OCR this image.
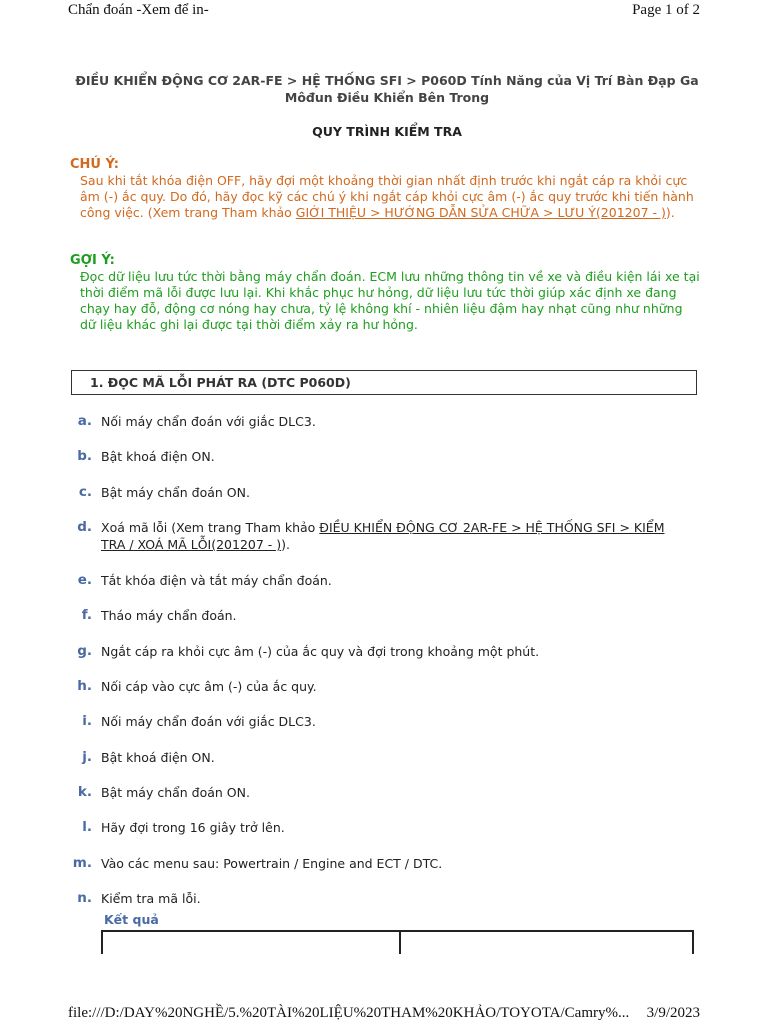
Chẩn đoán -Xem để in-	Page 1 of 2
ĐIỀU KHIỂN ĐỘNG CƠ 2AR-FE > HỆ THỐNG SFI > P060D Tính Năng của Vị Trí Bàn Đạp Ga Môđun Điều Khiển Bên Trong
QUY TRÌNH KIỂM TRA
CHÚ Ý:
Sau khi tắt khóa điện OFF, hãy đợi một khoảng thời gian nhất định trước khi ngắt cáp ra khỏi cực âm (-) ắc quy. Do đó, hãy đọc kỹ các chú ý khi ngắt cáp khỏi cực âm (-) ắc quy trước khi tiến hành công việc. (Xem trang Tham khảo GIỚI THIỆU > HƯỚNG DẪN SỬA CHỮA > LƯU Ý(201207 - )).
GỢI Ý:
Đọc dữ liệu lưu tức thời bằng máy chẩn đoán. ECM lưu những thông tin về xe và điều kiện lái xe tại thời điểm mã lỗi được lưu lại. Khi khắc phục hư hỏng, dữ liệu lưu tức thời giúp xác định xe đang chạy hay đỗ, động cơ nóng hay chưa, tỷ lệ không khí - nhiên liệu đậm hay nhạt cũng như những dữ liệu khác ghi lại được tại thời điểm xảy ra hư hỏng.
1. ĐỌC MÃ LỖI PHÁT RA (DTC P060D)
a. Nối máy chẩn đoán với giắc DLC3.
b. Bật khoá điện ON.
c. Bật máy chẩn đoán ON.
d. Xoá mã lỗi (Xem trang Tham khảo ĐIỀU KHIỂN ĐỘNG CƠ 2AR-FE > HỆ THỐNG SFI > KIỂM TRA / XOÁ MÃ LỖI(201207 - )).
e. Tắt khóa điện và tắt máy chẩn đoán.
f. Tháo máy chẩn đoán.
g. Ngắt cáp ra khỏi cực âm (-) của ắc quy và đợi trong khoảng một phút.
h. Nối cáp vào cực âm (-) của ắc quy.
i. Nối máy chẩn đoán với giắc DLC3.
j. Bật khoá điện ON.
k. Bật máy chẩn đoán ON.
l. Hãy đợi trong 16 giây trở lên.
m. Vào các menu sau: Powertrain / Engine and ECT / DTC.
n. Kiểm tra mã lỗi.
Kết quả
file:///D:/DAY%20NGHỀ/5.%20TÀI%20LIỆU%20THAM%20KHẢO/TOYOTA/Camry%... 3/9/2023
